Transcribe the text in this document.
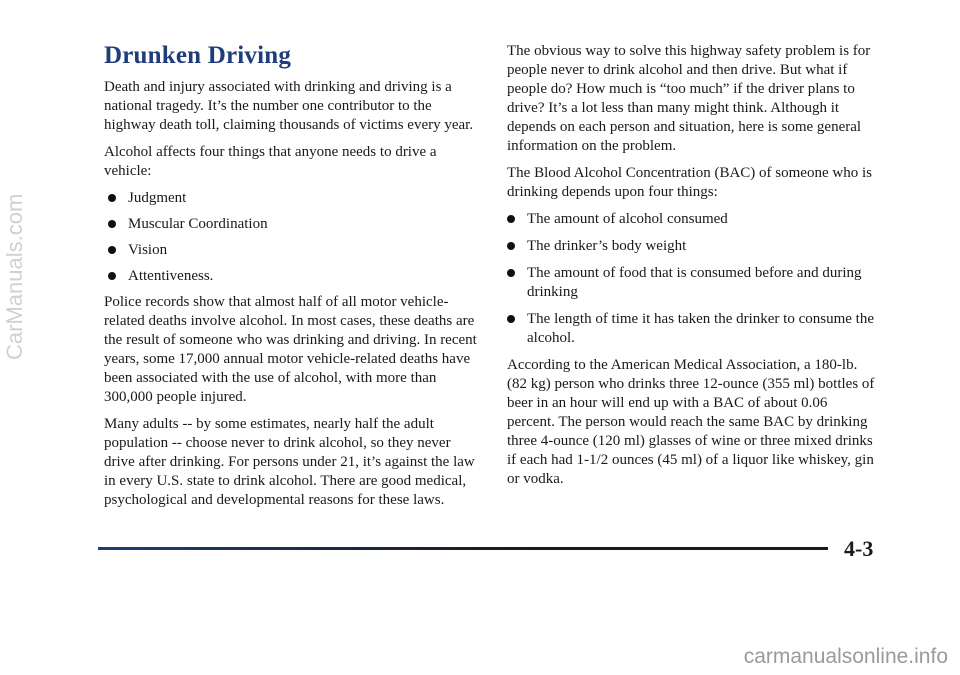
Drunken Driving

Death and injury associated with drinking and driving is a national tragedy. It’s the number one contributor to the highway death toll, claiming thousands of victims every year.

Alcohol affects four things that anyone needs to drive a vehicle:

Judgment
Muscular Coordination
Vision
Attentiveness.

Police records show that almost half of all motor vehicle-related deaths involve alcohol. In most cases, these deaths are the result of someone who was drinking and driving. In recent years, some 17,000 annual motor vehicle-related deaths have been associated with the use of alcohol, with more than 300,000 people injured.

Many adults -- by some estimates, nearly half the adult population -- choose never to drink alcohol, so they never drive after drinking. For persons under 21, it’s against the law in every U.S. state to drink alcohol. There are good medical, psychological and developmental reasons for these laws.

The obvious way to solve this highway safety problem is for people never to drink alcohol and then drive. But what if people do? How much is “too much” if the driver plans to drive? It’s a lot less than many might think. Although it depends on each person and situation, here is some general information on the problem.

The Blood Alcohol Concentration (BAC) of someone who is drinking depends upon four things:

The amount of alcohol consumed
The drinker’s body weight
The amount of food that is consumed before and during drinking
The length of time it has taken the drinker to consume the alcohol.

According to the American Medical Association, a 180-lb. (82 kg) person who drinks three 12-ounce (355 ml) bottles of beer in an hour will end up with a BAC of about 0.06 percent. The person would reach the same BAC by drinking three 4-ounce (120 ml) glasses of wine or three mixed drinks if each had 1-1/2 ounces (45 ml) of a liquor like whiskey, gin or vodka.

4-3
CarManuals.com
carmanualsonline.info
